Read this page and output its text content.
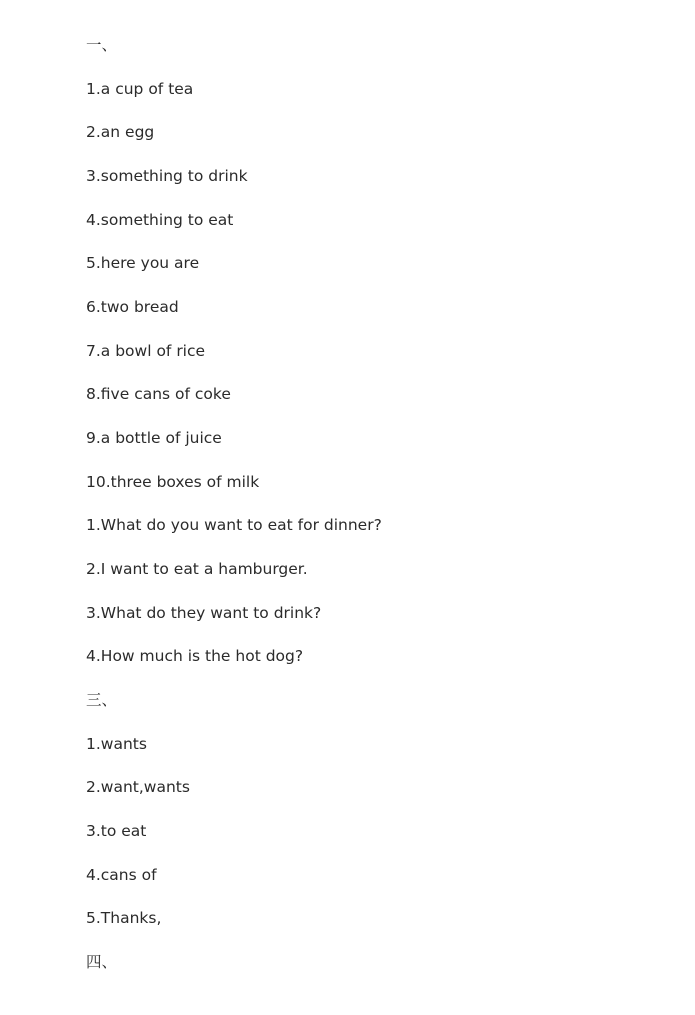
一、
1.a cup of tea
2.an egg
3.something to drink
4.something to eat
5.here you are
6.two bread
7.a bowl of rice
8.five cans of coke
9.a bottle of juice
10.three boxes of milk
1.What do you want to eat for dinner?
2.I want to eat a hamburger.
3.What do they want to drink?
4.How much is the hot dog?
三、
1.wants
2.want,wants
3.to eat
4.cans of
5.Thanks,
四、
